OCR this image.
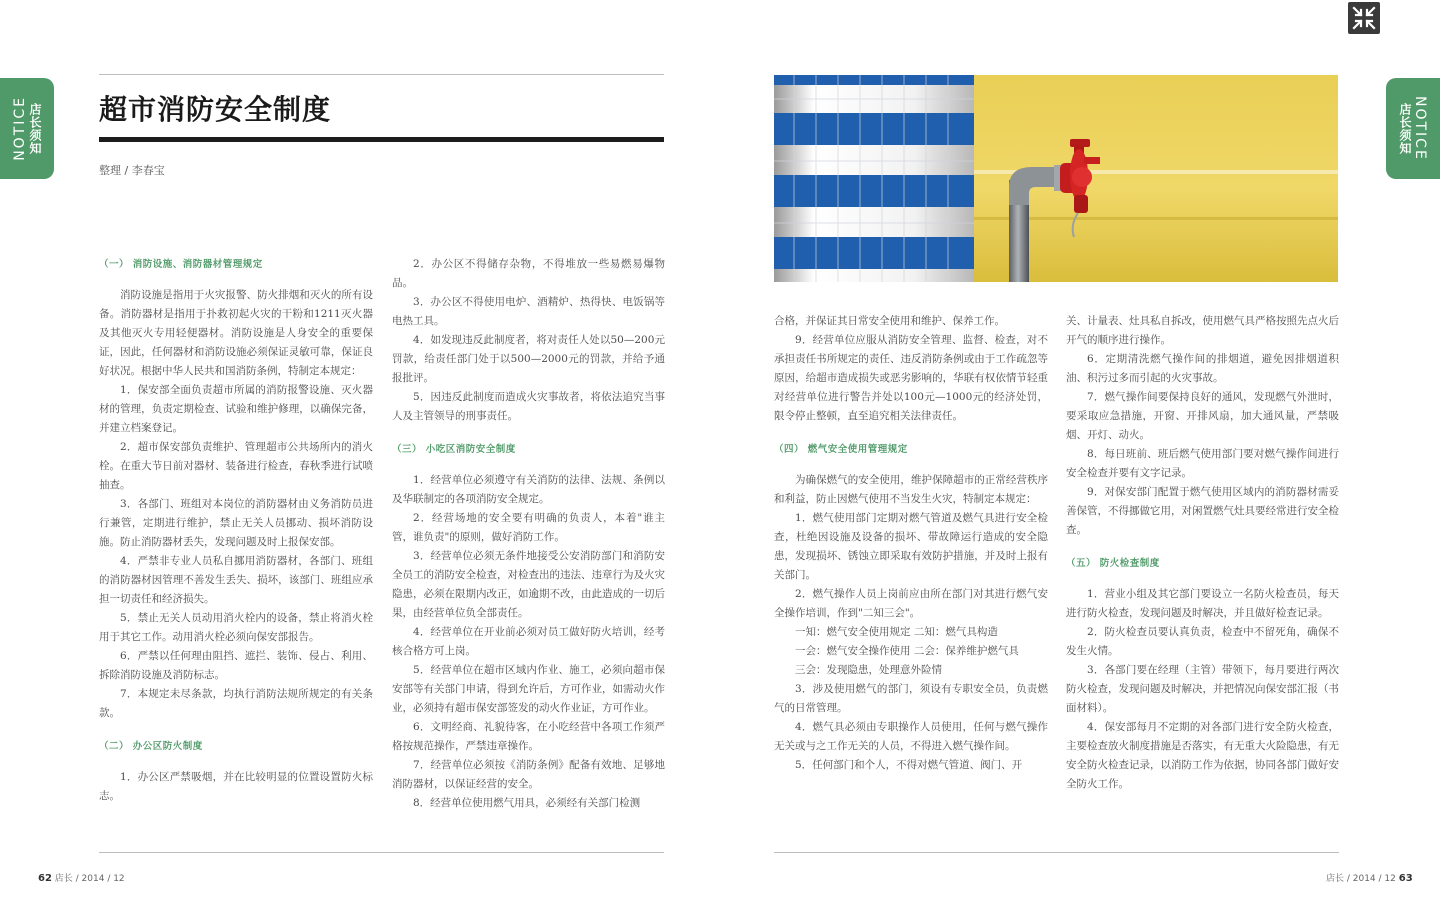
NOTICE 店长须知	店长须知 NOTICE
超市消防安全制度
整理 / 李春宝

（一） 消防设施、消防器材管理规定

消防设施是指用于火灾报警、防火排烟和灭火的所有设备。消防器材是指用于扑救初起火灾的干粉和1211灭火器及其他灭火专用轻便器材。消防设施是人身安全的重要保证，因此，任何器材和消防设施必须保证灵敏可靠，保证良好状况。根据中华人民共和国消防条例，特制定本规定：

1．保安部全面负责超市所属的消防报警设施、灭火器材的管理，负责定期检查、试验和维护修理，以确保完备，并建立档案登记。

2．超市保安部负责维护、管理超市公共场所内的消火栓。在重大节日前对器材、装备进行检查，春秋季进行试喷抽查。

3．各部门、班组对本岗位的消防器材由义务消防员进行兼管，定期进行维护，禁止无关人员挪动、损坏消防设施。防止消防器材丢失，发现问题及时上报保安部。

4．严禁非专业人员私自挪用消防器材，各部门、班组的消防器材因管理不善发生丢失、损坏，该部门、班组应承担一切责任和经济损失。

5．禁止无关人员动用消火栓内的设备，禁止将消火栓用于其它工作。动用消火栓必须向保安部报告。

6．严禁以任何理由阻挡、遮拦、装饰、侵占、利用、拆除消防设施及消防标志。

7．本规定未尽条款，均执行消防法规所规定的有关条款。

（二） 办公区防火制度

1．办公区严禁吸烟，并在比较明显的位置设置防火标志。

2．办公区不得储存杂物，不得堆放一些易燃易爆物品。

3．办公区不得使用电炉、酒精炉、热得快、电饭锅等电热工具。

4．如发现违反此制度者，将对责任人处以50—200元罚款，给责任部门处于以500—2000元的罚款，并给予通报批评。

5．因违反此制度而造成火灾事故者，将依法追究当事人及主管领导的刑事责任。

（三） 小吃区消防安全制度

1．经营单位必须遵守有关消防的法律、法规、条例以及华联制定的各项消防安全规定。

2．经营场地的安全要有明确的负责人，本着"谁主管，谁负责"的原则，做好消防工作。

3．经营单位必须无条件地接受公安消防部门和消防安全员工的消防安全检查，对检查出的违法、违章行为及火灾隐患，必须在限期内改正，如逾期不改，由此造成的一切后果，由经营单位负全部责任。

4．经营单位在开业前必须对员工做好防火培训，经考核合格方可上岗。

5．经营单位在超市区域内作业、施工，必须向超市保安部等有关部门申请，得到允许后，方可作业，如需动火作业，必须持有超市保安部签发的动火作业证，方可作业。

6．文明经商、礼貌待客，在小吃经营中各项工作须严格按规范操作，严禁违章操作。

7．经营单位必须按《消防条例》配备有效地、足够地消防器材，以保证经营的安全。

8．经营单位使用燃气用具，必须经有关部门检测

合格，并保证其日常安全使用和维护、保养工作。

9．经营单位应服从消防安全管理、监督、检查，对不承担责任书所规定的责任、违反消防条例或由于工作疏忽等原因，给超市造成损失或恶劣影响的，华联有权依情节轻重对经营单位进行警告并处以100元—1000元的经济处罚，限令停止整顿，直至追究相关法律责任。

（四） 燃气安全使用管理规定

为确保燃气的安全使用，维护保障超市的正常经营秩序和利益，防止因燃气使用不当发生火灾，特制定本规定：

1．燃气使用部门定期对燃气管道及燃气具进行安全检查，杜绝因设施及设备的损坏、带故障运行造成的安全隐患，发现损坏、锈蚀立即采取有效防护措施，并及时上报有关部门。

2．燃气操作人员上岗前应由所在部门对其进行燃气安全操作培训，作到"二知三会"。

一知：燃气安全使用规定 二知：燃气具构造

一会：燃气安全操作使用 二会：保养维护燃气具

三会：发现隐患，处理意外险情

3．涉及使用燃气的部门，须设有专职安全员，负责燃气的日常管理。

4．燃气具必须由专职操作人员使用，任何与燃气操作无关或与之工作无关的人员，不得进入燃气操作间。

5．任何部门和个人，不得对燃气管道、阀门、开

关、计量表、灶具私自拆改，使用燃气具严格按照先点火后开气的顺序进行操作。

6．定期清洗燃气操作间的排烟道，避免因排烟道积油、积污过多而引起的火灾事故。

7．燃气操作间要保持良好的通风，发现燃气外泄时，要采取应急措施，开窗、开排风扇，加大通风量，严禁吸烟、开灯、动火。

8．每日班前、班后燃气使用部门要对燃气操作间进行安全检查并要有文字记录。

9．对保安部门配置于燃气使用区域内的消防器材需妥善保管，不得挪做它用，对闲置燃气灶具要经常进行安全检查。

（五） 防火检查制度

1．营业小组及其它部门要设立一名防火检查员，每天进行防火检查，发现问题及时解决，并且做好检查记录。

2．防火检查员要认真负责，检查中不留死角，确保不发生火情。

3．各部门要在经理（主管）带领下，每月要进行两次防火检查，发现问题及时解决，并把情况向保安部汇报（书面材料）。

4．保安部每月不定期的对各部门进行安全防火检查，主要检查放火制度措施是否落实，有无重大火险隐患，有无安全防火检查记录，以消防工作为依据，协同各部门做好安全防火工作。

62 店长 / 2014 / 12	店长 / 2014 / 12 63
